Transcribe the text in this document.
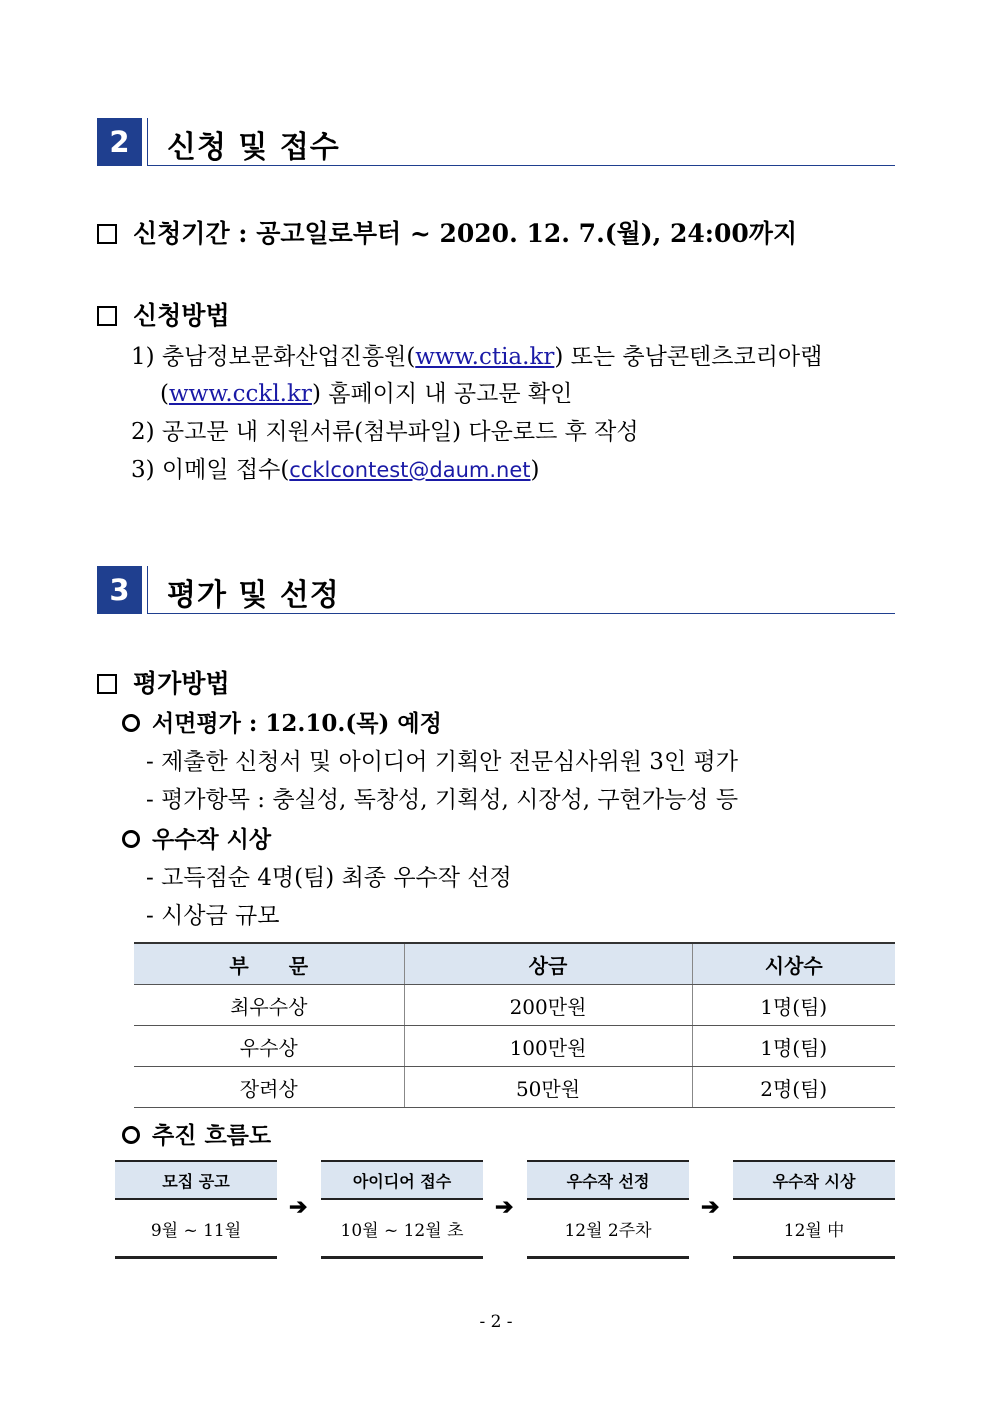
2	신청 및 접수
신청기간 : 공고일로부터 ~ 2020. 12. 7.(월), 24:00까지
신청방법
1) 충남정보문화산업진흥원(www.ctia.kr) 또는 충남콘텐츠코리아랩
(www.cckl.kr) 홈페이지 내 공고문 확인
2) 공고문 내 지원서류(첨부파일) 다운로드 후 작성
3) 이메일 접수(ccklcontest@daum.net)
3	평가 및 선정
평가방법
서면평가 : 12.10.(목) 예정
- 제출한 신청서 및 아이디어 기획안 전문심사위원 3인 평가
- 평가항목 : 충실성, 독창성, 기획성, 시장성, 구현가능성 등
우수작 시상
- 고득점순 4명(팀) 최종 우수작 선정
- 시상금 규모
부　　문	상금	시상수
최우수상	200만원	1명(팀)
우수상	100만원	1명(팀)
장려상	50만원	2명(팀)
추진 흐름도
모집 공고
9월 ~ 11월
➔
아이디어 접수
10월 ~ 12월 초
➔
우수작 선정
12월 2주차
➔
우수작 시상
12월 中
- 2 -
